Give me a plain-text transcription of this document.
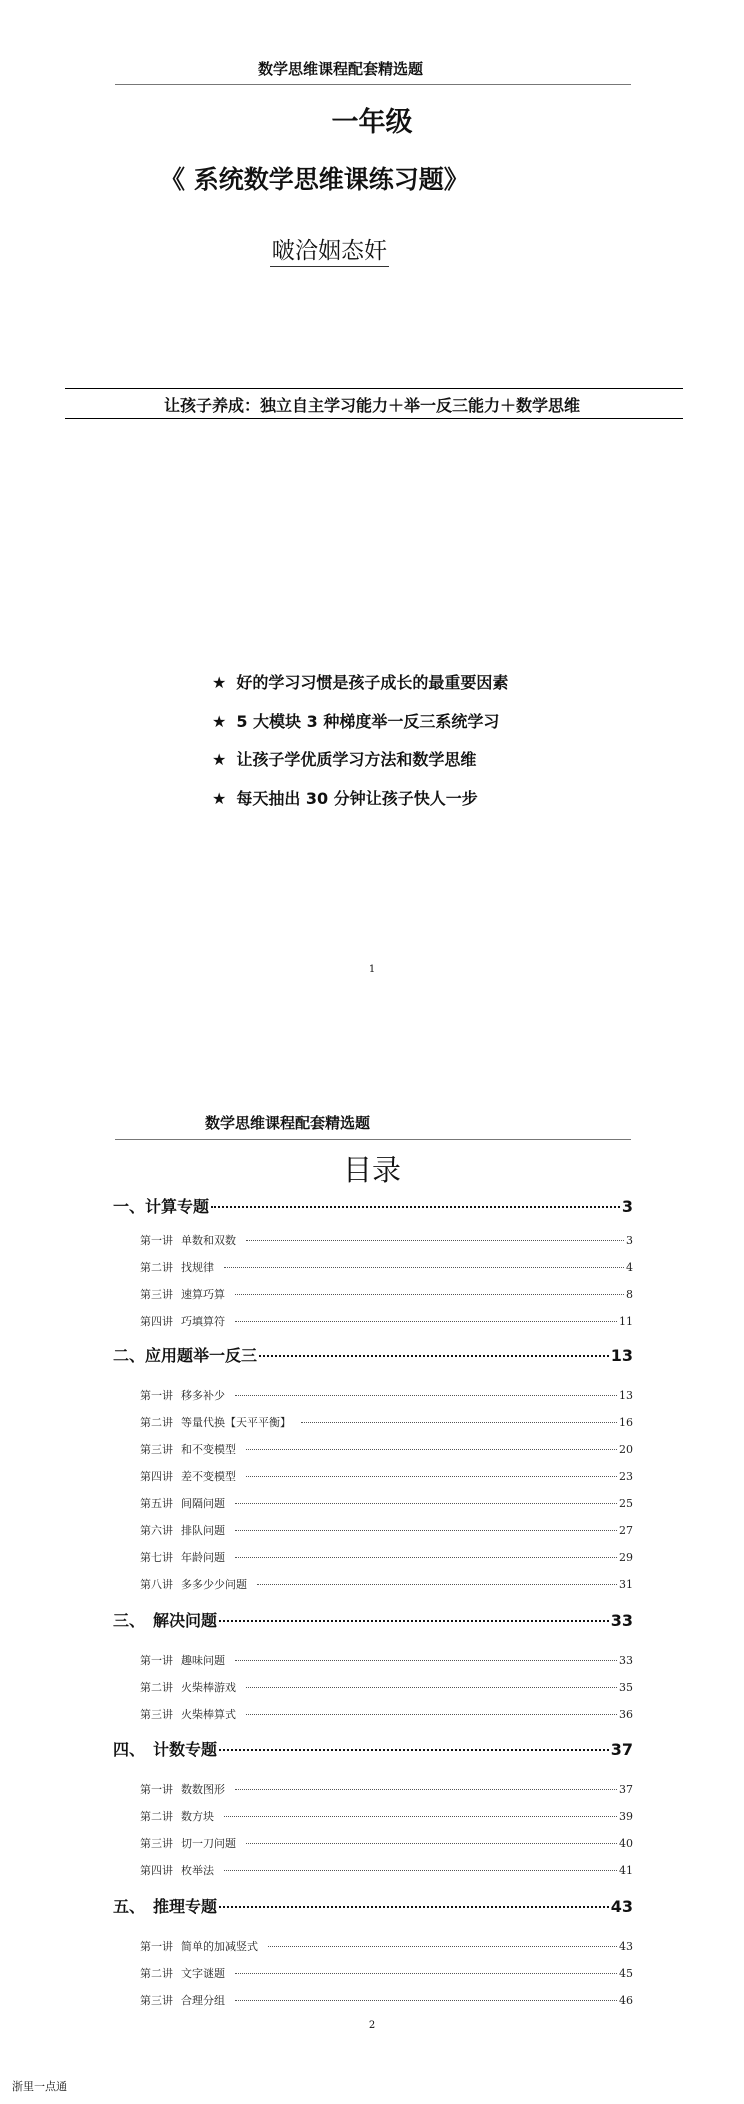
数学思维课程配套精选题
一年级
《 系统数学思维课练习题》
啵洽姻态奸
让孩子养成：独立自主学习能力＋举一反三能力＋数学思维
★ 好的学习习惯是孩子成长的最重要因素
★ 5 大模块 3 种梯度举一反三系统学习
★ 让孩子学优质学习方法和数学思维
★ 每天抽出 30 分钟让孩子快人一步
1
数学思维课程配套精选题
目录
一、计算专题	3
第一讲 单数和双数	3
第二讲 找规律	4
第三讲 速算巧算	8
第四讲 巧填算符	11
二、应用题举一反三	13
第一讲 移多补少	13
第二讲 等量代换【天平平衡】	16
第三讲 和不变模型	20
第四讲 差不变模型	23
第五讲 间隔问题	25
第六讲 排队问题	27
第七讲 年龄问题	29
第八讲 多多少少问题	31
三、　解决问题	33
第一讲 趣味问题	33
第二讲 火柴棒游戏	35
第三讲 火柴棒算式	36
四、　计数专题	37
第一讲 数数图形	37
第二讲 数方块	39
第三讲 切一刀问题	40
第四讲 枚举法	41
五、　推理专题	43
第一讲 简单的加减竖式	43
第二讲 文字谜题	45
第三讲 合理分组	46
2
浙里一点通
